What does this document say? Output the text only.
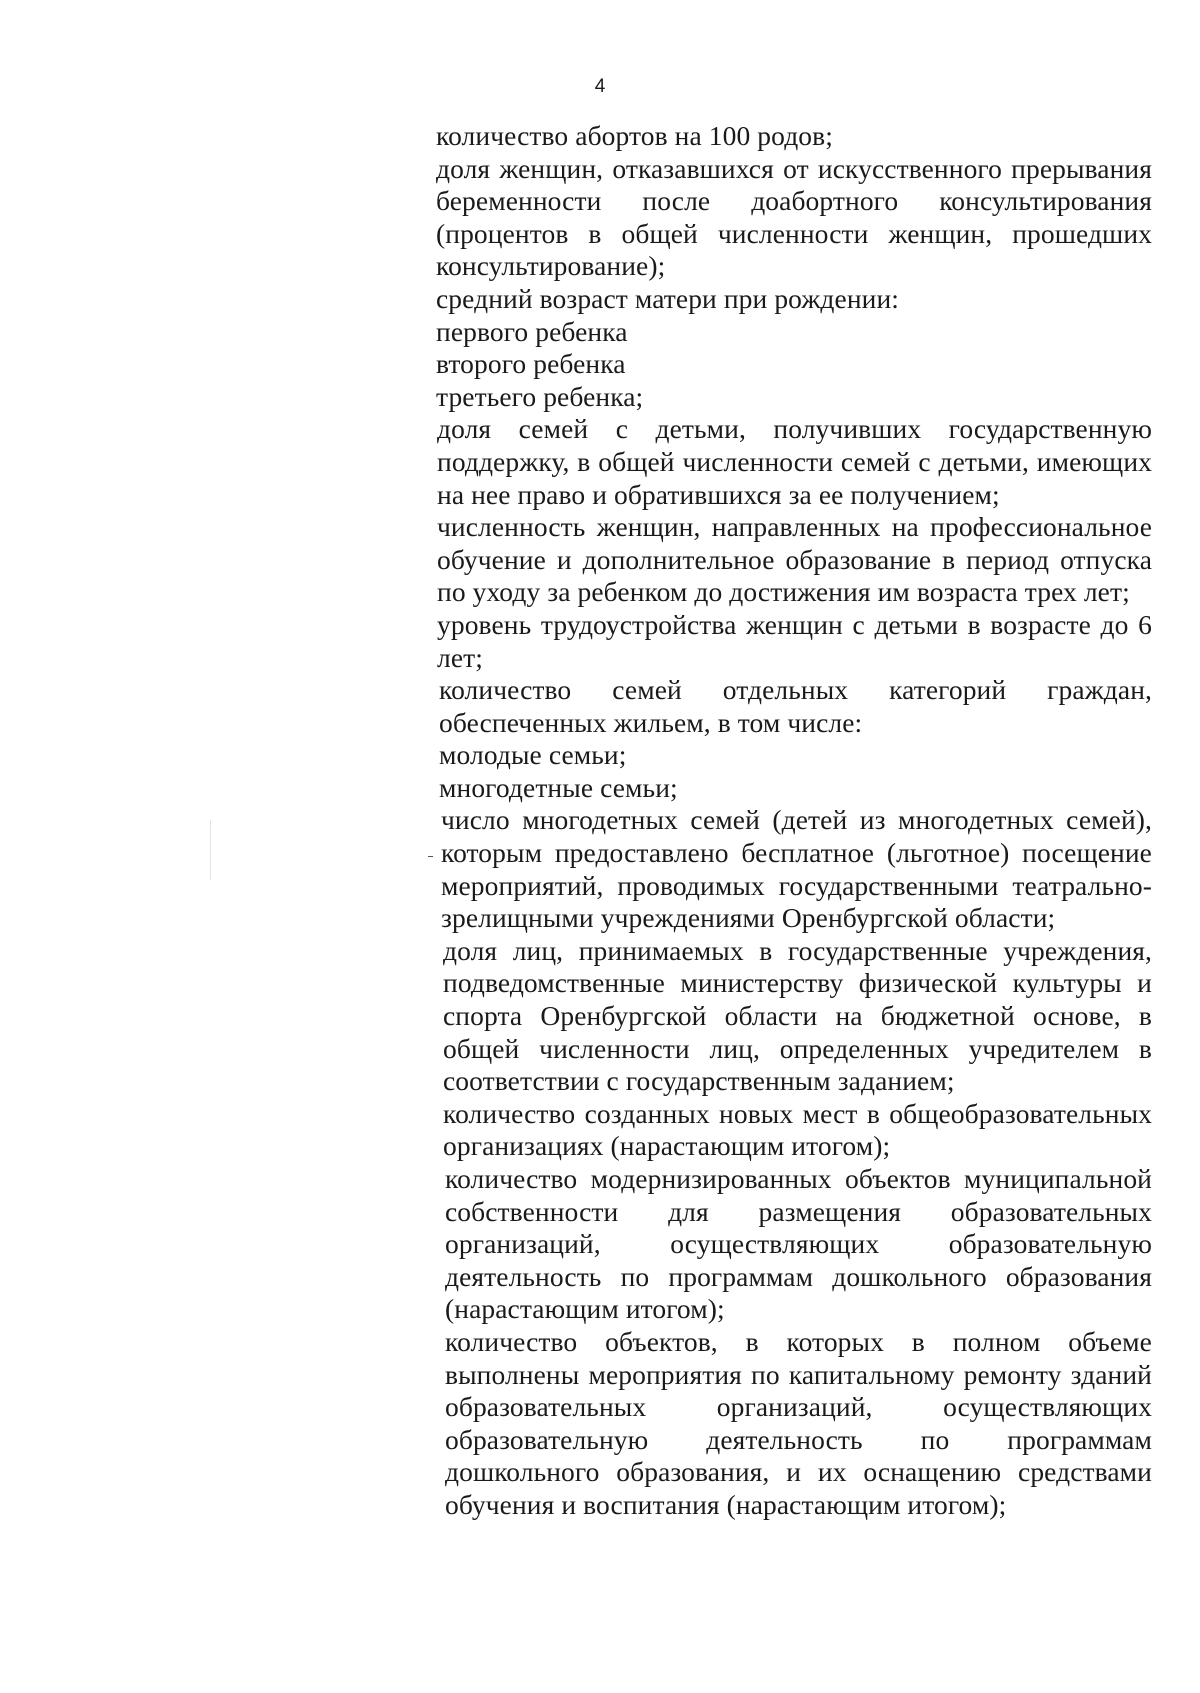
4

количество абортов на 100 родов;

доля женщин, отказавшихся от искусственного прерывания беременности после доабортного консультирования (процентов в общей численности женщин, прошедших консультирование);

средний возраст матери при рождении:

первого ребенка

второго ребенка

третьего ребенка;

доля семей с детьми, получивших государственную поддержку, в общей численности семей с детьми, имеющих на нее право и обратившихся за ее получением;

численность женщин, направленных на профессиональное обучение и дополнительное образование в период отпуска по уходу за ребенком до достижения им возраста трех лет;

уровень трудоустройства женщин с детьми в возрасте до 6 лет;

количество семей отдельных категорий граждан, обеспеченных жильем, в том числе:

молодые семьи;

многодетные семьи;

число многодетных семей (детей из многодетных семей), которым предоставлено бесплатное (льготное) посещение мероприятий, проводимых государственными театрально-зрелищными учреждениями Оренбургской области;

доля лиц, принимаемых в государственные учреждения, подведомственные министерству физической культуры и спорта Оренбургской области на бюджетной основе, в общей численности лиц, определенных учредителем в соответствии с государственным заданием;

количество созданных новых мест в общеобразовательных организациях (нарастающим итогом);

количество модернизированных объектов муниципальной собственности для размещения образовательных организаций, осуществляющих образовательную деятельность по программам дошкольного образования (нарастающим итогом);

количество объектов, в которых в полном объеме выполнены мероприятия по капитальному ремонту зданий образовательных организаций, осуществляющих образовательную деятельность по программам дошкольного образования, и их оснащению средствами обучения и воспитания (нарастающим итогом);
